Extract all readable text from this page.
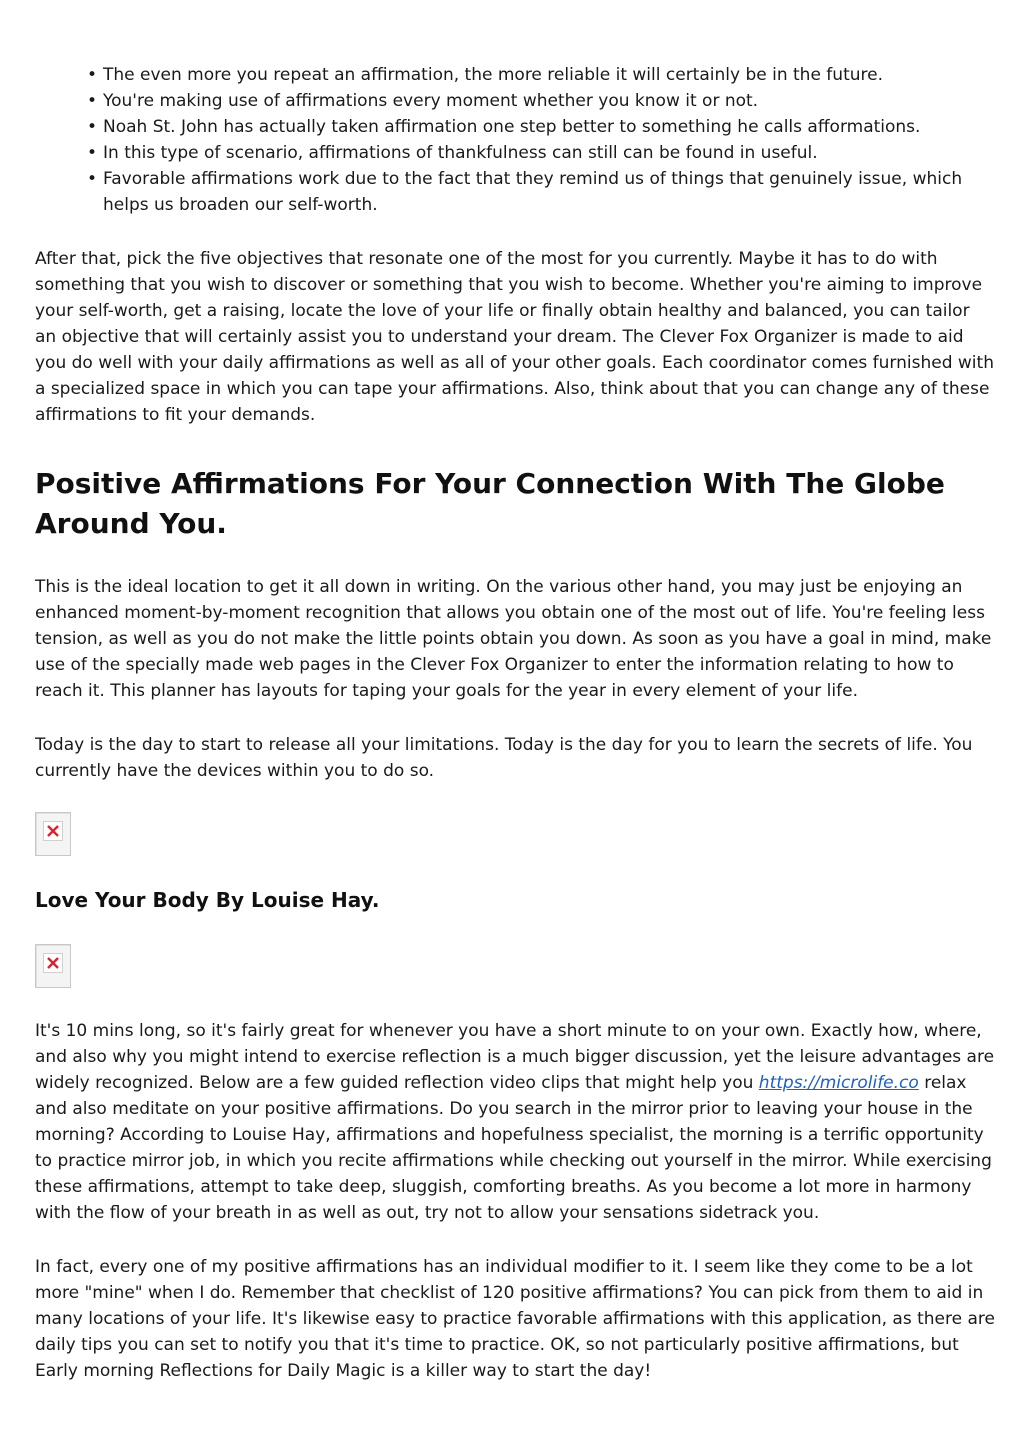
• The even more you repeat an affirmation, the more reliable it will certainly be in the future.
• You're making use of affirmations every moment whether you know it or not.
• Noah St. John has actually taken affirmation one step better to something he calls afformations.
• In this type of scenario, affirmations of thankfulness can still can be found in useful.
• Favorable affirmations work due to the fact that they remind us of things that genuinely issue, which helps us broaden our self-worth.

After that, pick the five objectives that resonate one of the most for you currently. Maybe it has to do with something that you wish to discover or something that you wish to become. Whether you're aiming to improve your self-worth, get a raising, locate the love of your life or finally obtain healthy and balanced, you can tailor an objective that will certainly assist you to understand your dream. The Clever Fox Organizer is made to aid you do well with your daily affirmations as well as all of your other goals. Each coordinator comes furnished with a specialized space in which you can tape your affirmations. Also, think about that you can change any of these affirmations to fit your demands.

Positive Affirmations For Your Connection With The Globe Around You.

This is the ideal location to get it all down in writing. On the various other hand, you may just be enjoying an enhanced moment-by-moment recognition that allows you obtain one of the most out of life. You're feeling less tension, as well as you do not make the little points obtain you down. As soon as you have a goal in mind, make use of the specially made web pages in the Clever Fox Organizer to enter the information relating to how to reach it. This planner has layouts for taping your goals for the year in every element of your life.

Today is the day to start to release all your limitations. Today is the day for you to learn the secrets of life. You currently have the devices within you to do so.

Love Your Body By Louise Hay.

It's 10 mins long, so it's fairly great for whenever you have a short minute to on your own. Exactly how, where, and also why you might intend to exercise reflection is a much bigger discussion, yet the leisure advantages are widely recognized. Below are a few guided reflection video clips that might help you https://microlife.co relax and also meditate on your positive affirmations. Do you search in the mirror prior to leaving your house in the morning? According to Louise Hay, affirmations and hopefulness specialist, the morning is a terrific opportunity to practice mirror job, in which you recite affirmations while checking out yourself in the mirror. While exercising these affirmations, attempt to take deep, sluggish, comforting breaths. As you become a lot more in harmony with the flow of your breath in as well as out, try not to allow your sensations sidetrack you.

In fact, every one of my positive affirmations has an individual modifier to it. I seem like they come to be a lot more "mine" when I do. Remember that checklist of 120 positive affirmations? You can pick from them to aid in many locations of your life. It's likewise easy to practice favorable affirmations with this application, as there are daily tips you can set to notify you that it's time to practice. OK, so not particularly positive affirmations, but Early morning Reflections for Daily Magic is a killer way to start the day!
